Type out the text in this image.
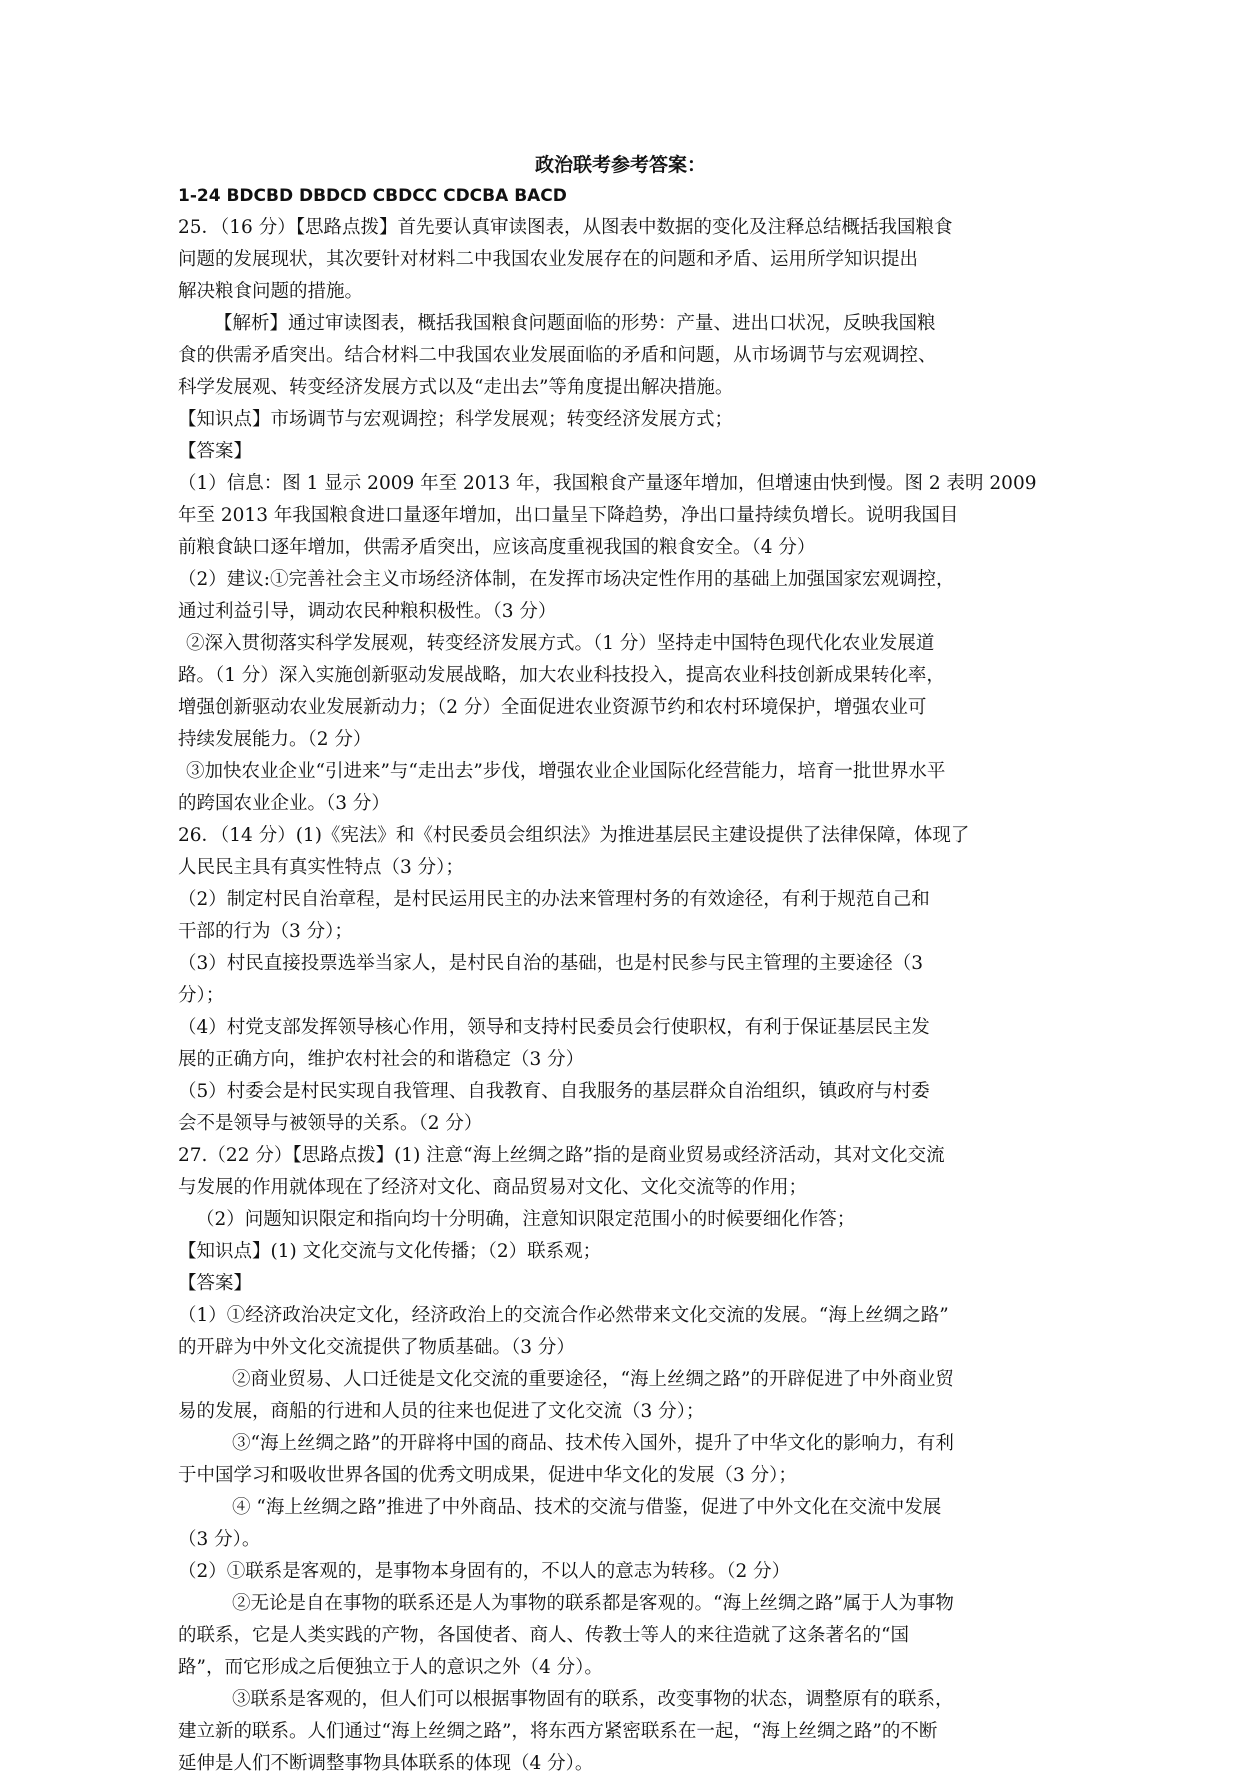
政治联考参考答案：
1-24 BDCBD DBDCD CBDCC CDCBA BACD
25．（16 分）【思路点拨】首先要认真审读图表，从图表中数据的变化及注释总结概括我国粮食
问题的发展现状，其次要针对材料二中我国农业发展存在的问题和矛盾、运用所学知识提出
解决粮食问题的措施。
【解析】通过审读图表，概括我国粮食问题面临的形势：产量、进出口状况，反映我国粮
食的供需矛盾突出。结合材料二中我国农业发展面临的矛盾和问题，从市场调节与宏观调控、
科学发展观、转变经济发展方式以及“走出去”等角度提出解决措施。
【知识点】市场调节与宏观调控；科学发展观；转变经济发展方式；
【答案】
（1）信息：图 1 显示 2009 年至 2013 年，我国粮食产量逐年增加，但增速由快到慢。图 2 表明 2009
年至 2013 年我国粮食进口量逐年增加，出口量呈下降趋势，净出口量持续负增长。说明我国目
前粮食缺口逐年增加，供需矛盾突出，应该高度重视我国的粮食安全。（4 分）
（2）建议:①完善社会主义市场经济体制，在发挥市场决定性作用的基础上加强国家宏观调控，
通过利益引导，调动农民种粮积极性。（3 分）
②深入贯彻落实科学发展观，转变经济发展方式。（1 分）坚持走中国特色现代化农业发展道
路。（1 分）深入实施创新驱动发展战略，加大农业科技投入，提高农业科技创新成果转化率，
增强创新驱动农业发展新动力；（2 分）全面促进农业资源节约和农村环境保护，增强农业可
持续发展能力。（2 分）
③加快农业企业“引进来”与“走出去”步伐，增强农业企业国际化经营能力，培育一批世界水平
的跨国农业企业。（3 分）
26．（14 分）(1)《宪法》和《村民委员会组织法》为推进基层民主建设提供了法律保障，体现了
人民民主具有真实性特点（3 分）；
（2）制定村民自治章程，是村民运用民主的办法来管理村务的有效途径，有利于规范自己和
干部的行为（3 分）；
（3）村民直接投票选举当家人，是村民自治的基础，也是村民参与民主管理的主要途径（3
分）；
（4）村党支部发挥领导核心作用，领导和支持村民委员会行使职权，有利于保证基层民主发
展的正确方向，维护农村社会的和谐稳定（3 分）
（5）村委会是村民实现自我管理、自我教育、自我服务的基层群众自治组织，镇政府与村委
会不是领导与被领导的关系。（2 分）
27.（22 分）【思路点拨】(1) 注意“海上丝绸之路”指的是商业贸易或经济活动，其对文化交流
与发展的作用就体现在了经济对文化、商品贸易对文化、文化交流等的作用；
（2）问题知识限定和指向均十分明确，注意知识限定范围小的时候要细化作答；
【知识点】(1) 文化交流与文化传播；（2）联系观；
【答案】
（1）①经济政治决定文化，经济政治上的交流合作必然带来文化交流的发展。“海上丝绸之路”
的开辟为中外文化交流提供了物质基础。（3 分）
②商业贸易、人口迁徙是文化交流的重要途径，“海上丝绸之路”的开辟促进了中外商业贸
易的发展，商船的行进和人员的往来也促进了文化交流（3 分）；
③“海上丝绸之路”的开辟将中国的商品、技术传入国外，提升了中华文化的影响力，有利
于中国学习和吸收世界各国的优秀文明成果，促进中华文化的发展（3 分）；
④ “海上丝绸之路”推进了中外商品、技术的交流与借鉴，促进了中外文化在交流中发展
（3 分）。
（2）①联系是客观的，是事物本身固有的，不以人的意志为转移。（2 分）
②无论是自在事物的联系还是人为事物的联系都是客观的。“海上丝绸之路”属于人为事物
的联系，它是人类实践的产物，各国使者、商人、传教士等人的来往造就了这条著名的“国
路”，而它形成之后便独立于人的意识之外（4 分）。
③联系是客观的，但人们可以根据事物固有的联系，改变事物的状态，调整原有的联系，
建立新的联系。人们通过“海上丝绸之路”，将东西方紧密联系在一起，“海上丝绸之路”的不断
延伸是人们不断调整事物具体联系的体现（4 分）。
